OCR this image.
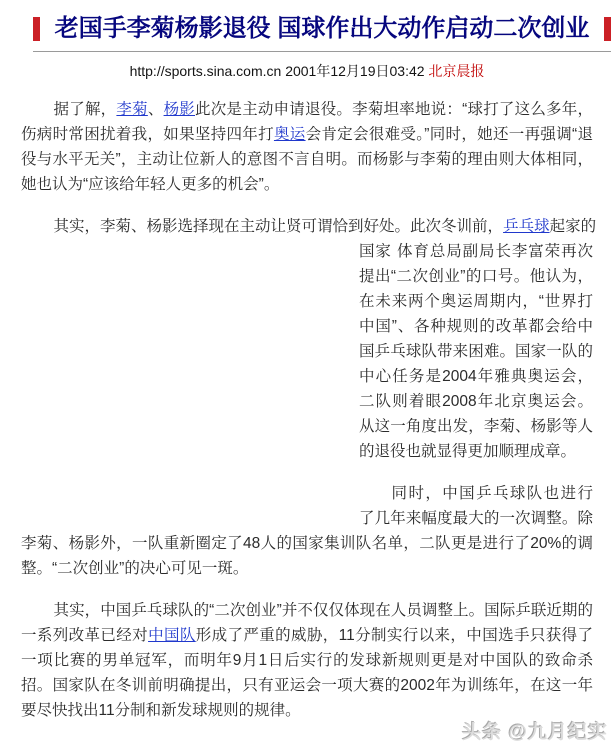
老国手李菊杨影退役 国球作出大动作启动二次创业
http://sports.sina.com.cn 2001年12月19日03:42 北京晨报
据了解，李菊、杨影此次是主动申请退役。李菊坦率地说：“球打了这么多年，伤病时常困扰着我，如果坚持四年打奥运会肯定会很难受。”同时，她还一再强调“退役与水平无关”，主动让位新人的意图不言自明。而杨影与李菊的理由则大体相同，她也认为“应该给年轻人更多的机会”。
其实，李菊、杨影选择现在主动让贤可谓恰到好处。此次冬训前，乒乓球起家的
国家 体育总局副局长李富荣再次提出“二次创业”的口号。他认为，在未来两个奥运周期内，“世界打中国”、各种规则的改革都会给中国乒乓球队带来困难。国家一队的中心任务是2004年雅典奥运会，二队则着眼2008年北京奥运会。从这一角度出发，李菊、杨影等人的退役也就显得更加顺理成章。
同时，中国乒乓球队也进行了几年来幅度最大的一次调整。除李菊、杨影外，一队重新圈定了48人的国家集训队名单，二队更是进行了20%的调整。“二次创业”的决心可见一斑。
其实，中国乒乓球队的“二次创业”并不仅仅体现在人员调整上。国际乒联近期的一系列改革已经对中国队形成了严重的威胁，11分制实行以来，中国选手只获得了一项比赛的男单冠军，而明年9月1日后实行的发球新规则更是对中国队的致命杀招。国家队在冬训前明确提出，只有亚运会一项大赛的2002年为训练年，在这一年要尽快找出11分制和新发球规则的规律。
头条 @九月纪实
